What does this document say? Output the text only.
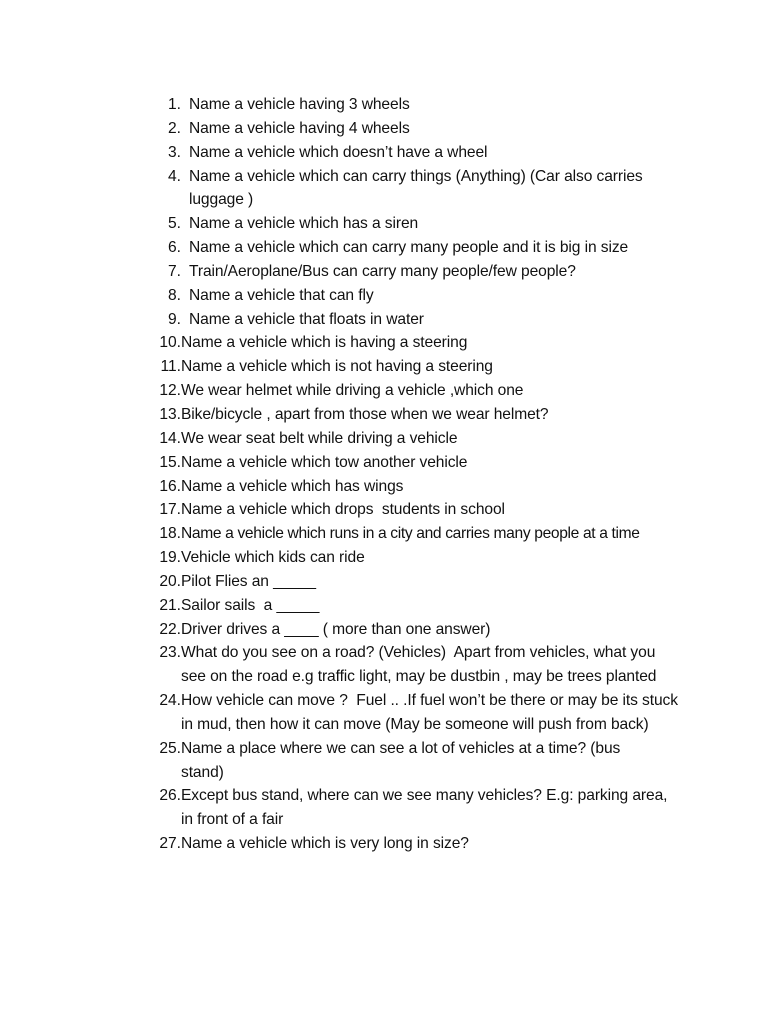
1. Name a vehicle having 3 wheels
2. Name a vehicle having 4 wheels
3. Name a vehicle which doesn’t have a wheel
4. Name a vehicle which can carry things (Anything) (Car also carries luggage )
5. Name a vehicle which has a siren
6. Name a vehicle which can carry many people and it is big in size
7. Train/Aeroplane/Bus can carry many people/few people?
8. Name a vehicle that can fly
9. Name a vehicle that floats in water
10. Name a vehicle which is having a steering
11. Name a vehicle which is not having a steering
12. We wear helmet while driving a vehicle ,which one
13. Bike/bicycle , apart from those when we wear helmet?
14. We wear seat belt while driving a vehicle
15. Name a vehicle which tow another vehicle
16. Name a vehicle which has wings
17. Name a vehicle which drops  students in school
18. Name a vehicle which runs in a city and carries many people at a time
19. Vehicle which kids can ride
20. Pilot Flies an _____
21. Sailor sails  a _____
22. Driver drives a ____ ( more than one answer)
23. What do you see on a road? (Vehicles)  Apart from vehicles, what you see on the road e.g traffic light, may be dustbin , may be trees planted
24. How vehicle can move ?  Fuel .. .If fuel won’t be there or may be its stuck in mud, then how it can move (May be someone will push from back)
25. Name a place where we can see a lot of vehicles at a time? (bus stand)
26. Except bus stand, where can we see many vehicles? E.g: parking area, in front of a fair
27. Name a vehicle which is very long in size?
